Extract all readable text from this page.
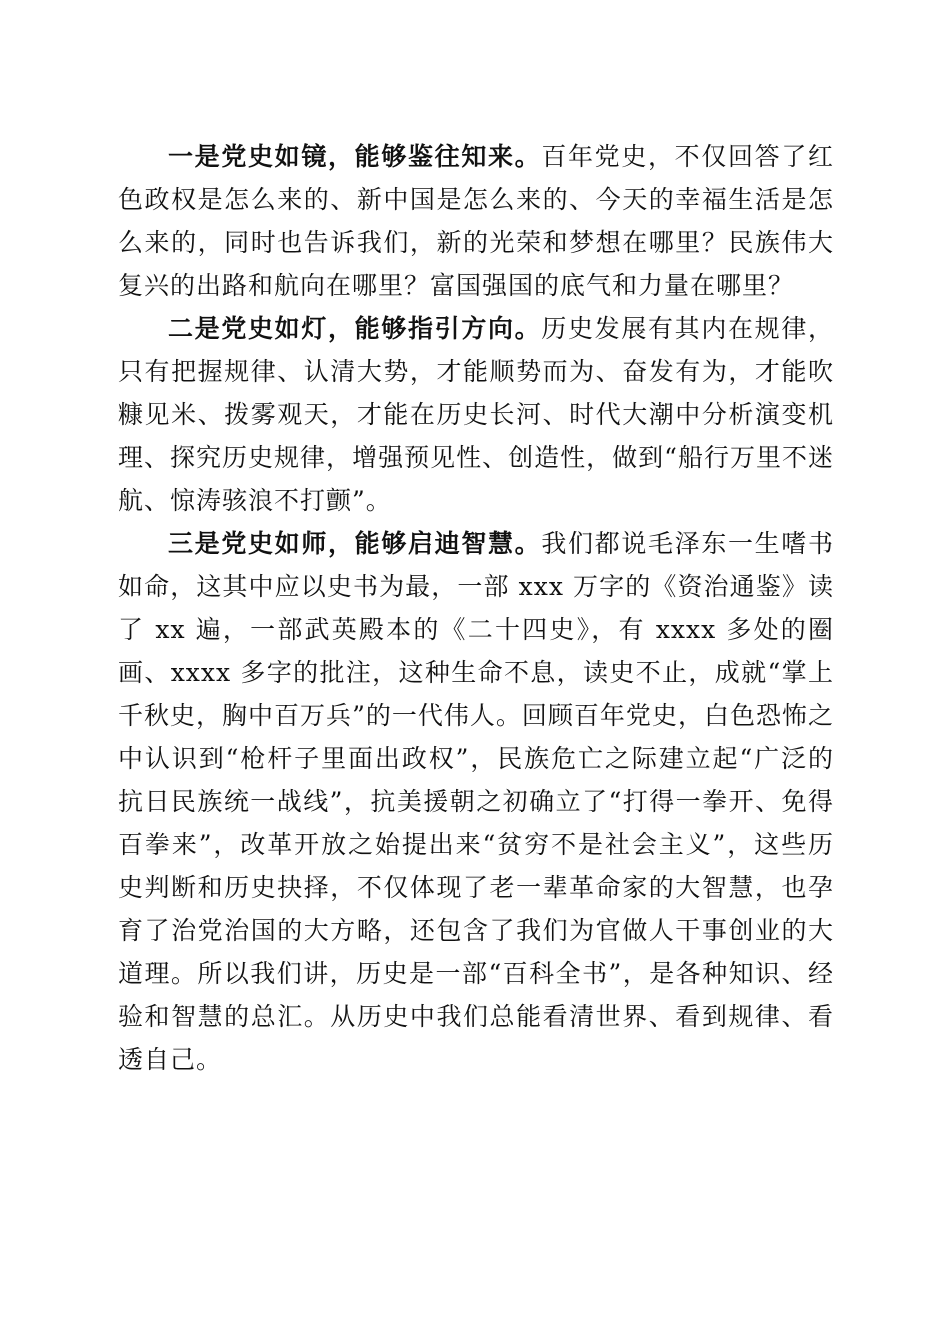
一是党史如镜，能够鉴往知来。百年党史，不仅回答了红色政权是怎么来的、新中国是怎么来的、今天的幸福生活是怎么来的，同时也告诉我们，新的光荣和梦想在哪里？民族伟大复兴的出路和航向在哪里？富国强国的底气和力量在哪里？

二是党史如灯，能够指引方向。历史发展有其内在规律，只有把握规律、认清大势，才能顺势而为、奋发有为，才能吹糠见米、拨雾观天，才能在历史长河、时代大潮中分析演变机理、探究历史规律，增强预见性、创造性，做到“船行万里不迷航、惊涛骇浪不打颤”。

三是党史如师，能够启迪智慧。我们都说毛泽东一生嗜书如命，这其中应以史书为最，一部 xxx 万字的《资治通鉴》读了 xx 遍，一部武英殿本的《二十四史》，有 xxxx 多处的圈画、xxxx 多字的批注，这种生命不息，读史不止，成就“掌上千秋史，胸中百万兵”的一代伟人。回顾百年党史，白色恐怖之中认识到“枪杆子里面出政权”，民族危亡之际建立起“广泛的抗日民族统一战线”，抗美援朝之初确立了“打得一拳开、免得百拳来”，改革开放之始提出来“贫穷不是社会主义”，这些历史判断和历史抉择，不仅体现了老一辈革命家的大智慧，也孕育了治党治国的大方略，还包含了我们为官做人干事创业的大道理。所以我们讲，历史是一部“百科全书”，是各种知识、经验和智慧的总汇。从历史中我们总能看清世界、看到规律、看透自己。
